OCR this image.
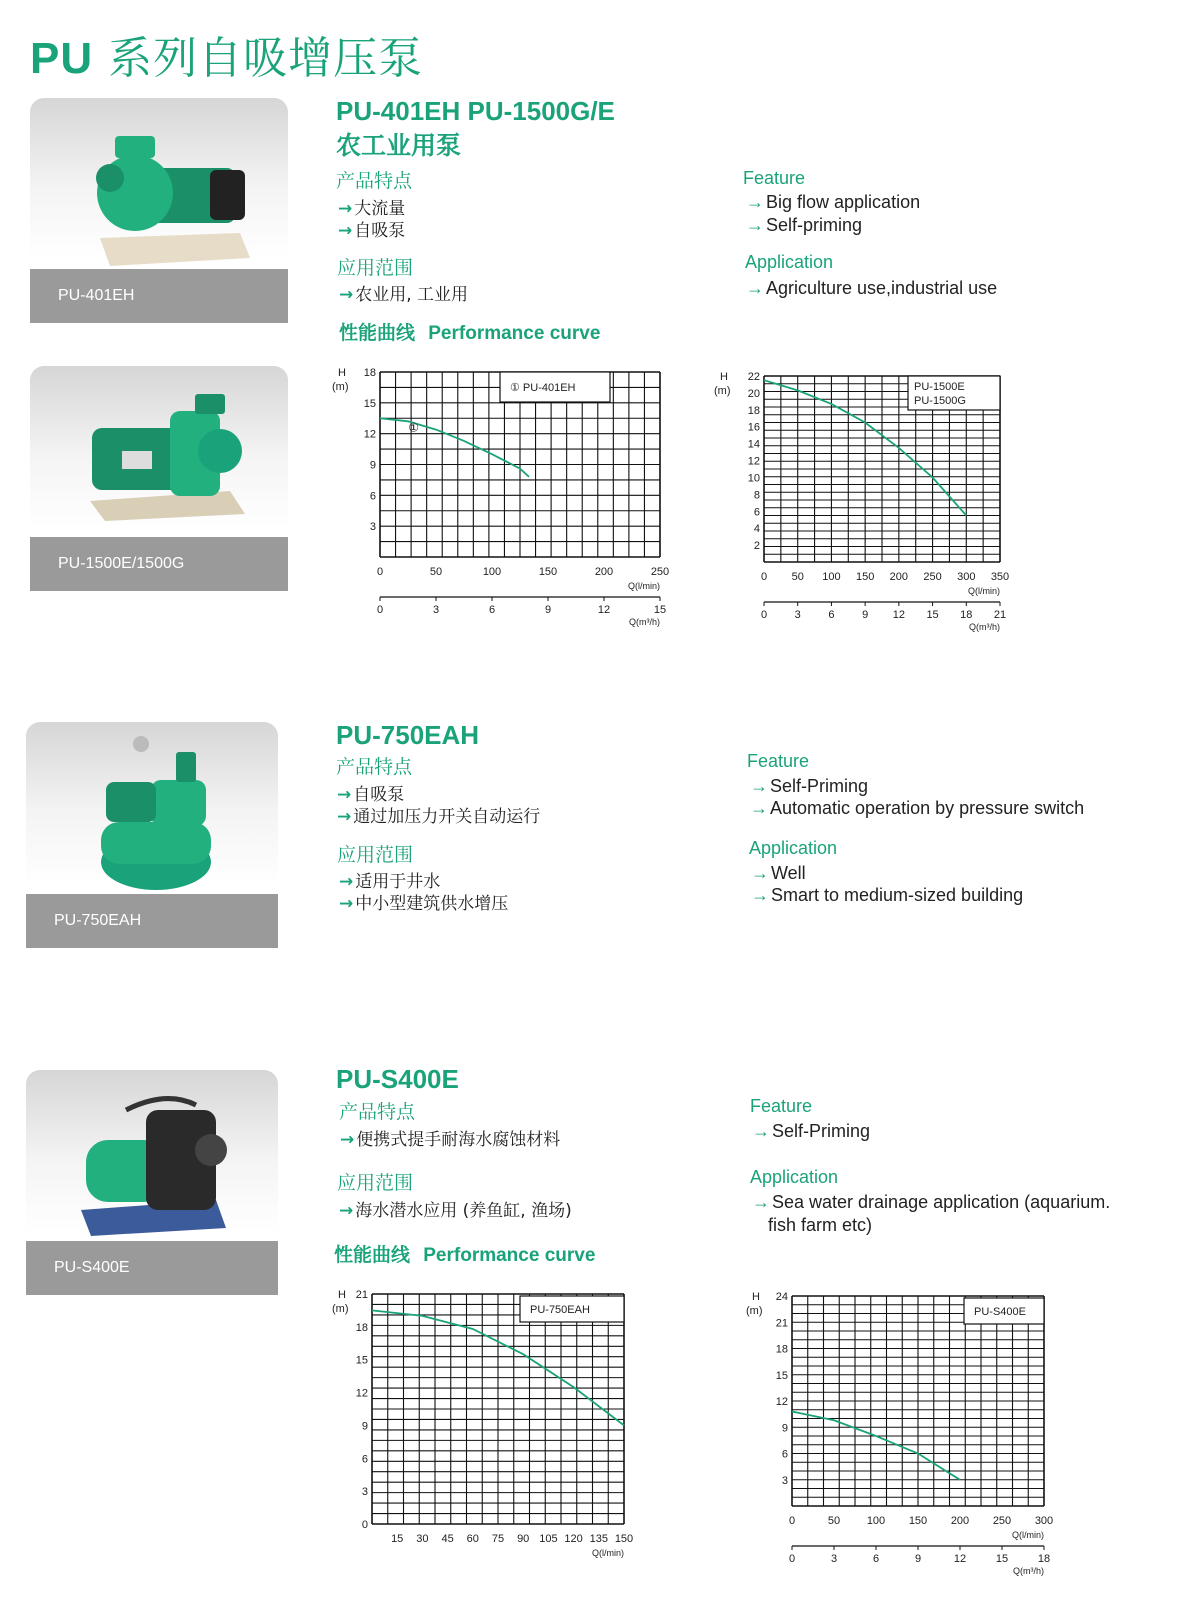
PU 系列自吸增压泵
PU-401EH
PU-1500E/1500G
PU-401EH PU-1500G/E
农工业用泵
产品特点
→ 大流量
→ 自吸泵
应用范围
→ 农业用, 工业用
Feature
→ Big flow application
→ Self-priming
Application
→ Agriculture use,industrial use
性能曲线 Performance curve
① PU-401EH
H
(m)
3
6
9
12
15
18
0	50	100	150	200	250
Q(l/min)
0	3	6	9	12	15
Q(m³/h)
①
PU-1500E
PU-1500G
H
(m)
2
4
6
8
10
12
14
16
18
20
22
0 50 100 150 200 250 300 350
Q(l/min)
0	3	6	9 12 15 18 21
Q(m³/h)
PU-750EAH
PU-750EAH
产品特点
→ 自吸泵
→ 通过加压力开关自动运行
应用范围
→ 适用于井水
→ 中小型建筑供水增压
Feature
→ Self-Priming
→ Automatic operation by pressure switch
Application
→ Well
→ Smart to medium-sized building
PU-S400E
PU-S400E
产品特点
→ 便携式提手耐海水腐蚀材料
应用范围
→ 海水潜水应用 (养鱼缸, 渔场)
Feature
→ Self-Priming
Application
→ Sea water drainage application (aquarium.
fish farm etc)
性能曲线 Performance curve
PU-750EAH
H
(m)
0
3
6
9
12
15
18
21
15 30 45 60 75 90 105 120 135 150
Q(l/min)
PU-S400E
H
(m)
3
6
9
12
15
18
21
24
0	50 100 150 200 250 300
Q(l/min)
0	3	6	9	12	15	18
Q(m³/h)
